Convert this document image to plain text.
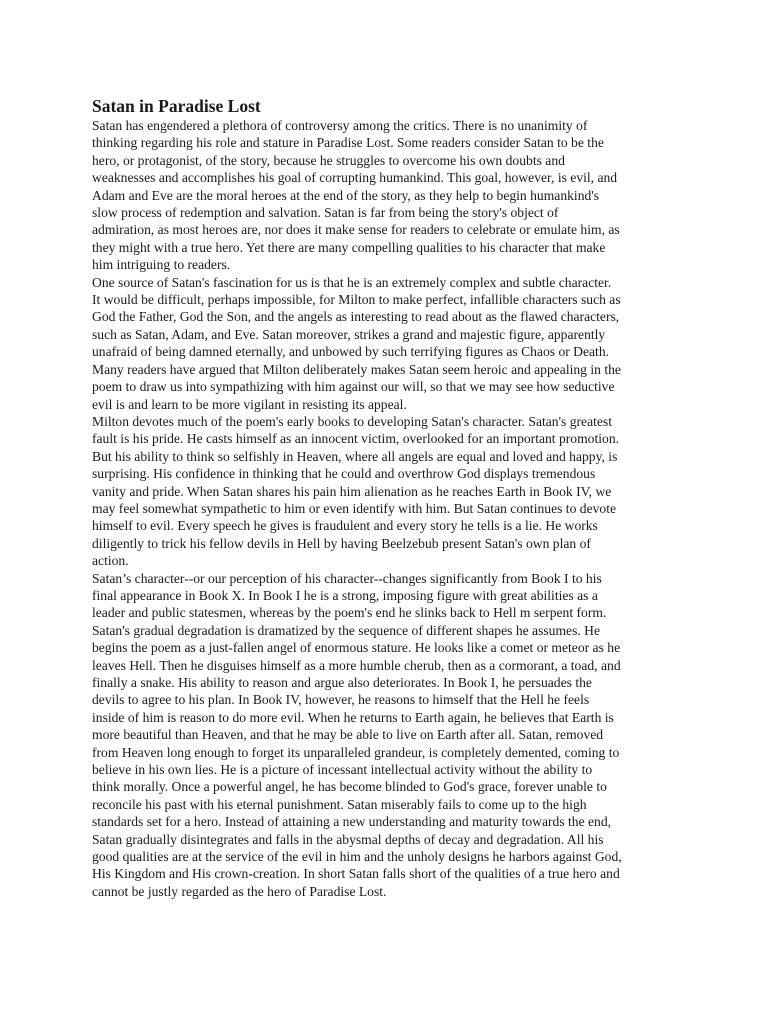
Satan in Paradise Lost

Satan has engendered a plethora of controversy among the critics. There is no unanimity of
thinking regarding his role and stature in Paradise Lost. Some readers consider Satan to be the
hero, or protagonist, of the story, because he struggles to overcome his own doubts and
weaknesses and accomplishes his goal of corrupting humankind. This goal, however, is evil, and
Adam and Eve are the moral heroes at the end of the story, as they help to begin humankind's
slow process of redemption and salvation. Satan is far from being the story's object of
admiration, as most heroes are, nor does it make sense for readers to celebrate or emulate him, as
they might with a true hero. Yet there are many compelling qualities to his character that make
him intriguing to readers.

One source of Satan's fascination for us is that he is an extremely complex and subtle character.
It would be difficult, perhaps impossible, for Milton to make perfect, infallible characters such as
God the Father, God the Son, and the angels as interesting to read about as the flawed characters,
such as Satan, Adam, and Eve. Satan moreover, strikes a grand and majestic figure, apparently
unafraid of being damned eternally, and unbowed by such terrifying figures as Chaos or Death.
Many readers have argued that Milton deliberately makes Satan seem heroic and appealing in the
poem to draw us into sympathizing with him against our will, so that we may see how seductive
evil is and learn to be more vigilant in resisting its appeal.

Milton devotes much of the poem's early books to developing Satan's character. Satan's greatest
fault is his pride. He casts himself as an innocent victim, overlooked for an important promotion.
But his ability to think so selfishly in Heaven, where all angels are equal and loved and happy, is
surprising. His confidence in thinking that he could and overthrow God displays tremendous
vanity and pride. When Satan shares his pain him alienation as he reaches Earth in Book IV, we
may feel somewhat sympathetic to him or even identify with him. But Satan continues to devote
himself to evil. Every speech he gives is fraudulent and every story he tells is a lie. He works
diligently to trick his fellow devils in Hell by having Beelzebub present Satan's own plan of
action.

Satan’s character--or our perception of his character--changes significantly from Book I to his
final appearance in Book X. In Book I he is a strong, imposing figure with great abilities as a
leader and public statesmen, whereas by the poem's end he slinks back to Hell m serpent form.
Satan's gradual degradation is dramatized by the sequence of different shapes he assumes. He
begins the poem as a just-fallen angel of enormous stature. He looks like a comet or meteor as he
leaves Hell. Then he disguises himself as a more humble cherub, then as a cormorant, a toad, and
finally a snake. His ability to reason and argue also deteriorates. In Book I, he persuades the
devils to agree to his plan. In Book IV, however, he reasons to himself that the Hell he feels
inside of him is reason to do more evil. When he returns to Earth again, he believes that Earth is
more beautiful than Heaven, and that he may be able to live on Earth after all. Satan, removed
from Heaven long enough to forget its unparalleled grandeur, is completely demented, coming to
believe in his own lies. He is a picture of incessant intellectual activity without the ability to
think morally. Once a powerful angel, he has become blinded to God's grace, forever unable to
reconcile his past with his eternal punishment. Satan miserably fails to come up to the high
standards set for a hero. Instead of attaining a new understanding and maturity towards the end,
Satan gradually disintegrates and falls in the abysmal depths of decay and degradation. All his
good qualities are at the service of the evil in him and the unholy designs he harbors against God,
His Kingdom and His crown-creation. In short Satan falls short of the qualities of a true hero and
cannot be justly regarded as the hero of Paradise Lost.
